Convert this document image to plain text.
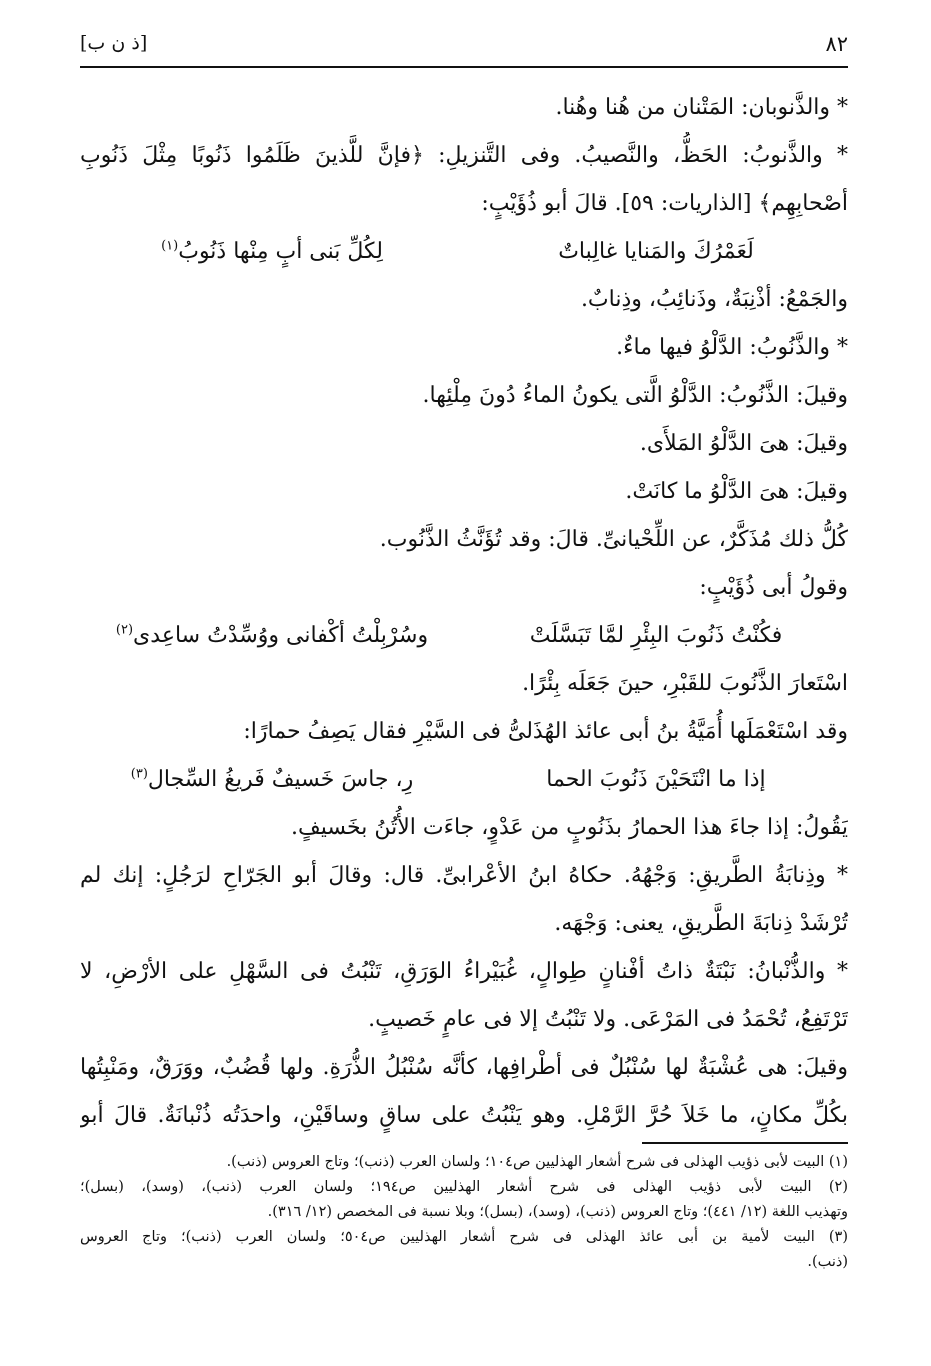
[ذ ن ب]	٨٢
* والذَّنوبان: المَتْنان من هُنا وهُنا.
* والذَّنوبُ: الحَظُّ، والنَّصيبُ. وفى التَّنزيلِ: ﴿فإنَّ للَّذينَ ظَلَمُوا ذَنُوبًا مِثْلَ ذَنُوبِ
أصْحابِهِم﴾ [الذاريات: ٥٩]. قالَ أبو ذُؤَيْبٍ:
لَعَمْرُكَ والمَنايا غالِباتٌ
لِكُلِّ بَنى أبٍ مِنْها ذَنُوبُ$^{(١)}$
والجَمْعُ: أذْنِبَةٌ، وذَنائِبُ، وذِنابٌ.
* والذَّنُوبُ: الدَّلْوُ فيها ماءٌ.
وقيلَ: الذَّنُوبُ: الدَّلْوُ الَّتى يكونُ الماءُ دُونَ مِلْئِها.
وقيلَ: هىَ الدَّلْوُ المَلأَى.
وقيلَ: هىَ الدَّلْوُ ما كانَتْ.
كُلُّ ذلك مُذَكَّرٌ، عن اللِّحْيانىِّ. قالَ: وقد تُؤَنَّثُ الذَّنُوب.
وقولُ أبى ذُؤَيْبٍ:
فكُنْتُ ذَنُوبَ البِئْرِ لمَّا تَبَسَّلَتْ
وسُرْبِلْتُ أكْفانى ووُسِّدْتُ ساعِدى$^{(٢)}$
اسْتَعارَ الذَّنُوبَ للقَبْرِ، حينَ جَعَلَه بِئْرًا.
وقد اسْتَعْمَلَها أُمَيَّةُ بنُ أبى عائذ الهُذَلىُّ فى السَّيْرِ فقال يَصِفُ حمارًا:
إذا ما انْتَحَيْنَ ذَنُوبَ الحما
رِ، جاسَ خَسيفٌ فَريغُ السِّجال$^{(٣)}$
يَقُولُ: إذا جاءَ هذا الحمارُ بذَنُوبٍ من عَدْوٍ، جاءَت الأُتُنُ بخَسيفٍ.
* وذِنابَةُ الطَّريقِ: وَجْهُهُ. حكاهُ ابنُ الأعْرابىِّ. قال: وقالَ أبو الجَرّاحِ لرَجُلٍ: إنك لم
تُرْشَدْ ذِنابَةَ الطَّريقِ، يعنى: وَجْهَه.
* والذُّنْبانُ: نَبْتَةٌ ذاتُ أفْنانٍ طِوالٍ، غُبَيْراءُ الوَرَقِ، تَنْبُتُ فى السَّهْلِ على الأرْضِ، لا
تَرْتَفِعُ، تُحْمَدُ فى المَرْعَى. ولا تَنْبُتُ إلا فى عامٍ خَصيبٍ.
وقيلَ: هى عُشْبَةٌ لها سُنْبُلٌ فى أطْرافِها، كأنَّه سُنْبُلُ الذُّرَةِ. ولها قُضُبٌ، ووَرَقٌ، ومَنْبِتُها
بكُلِّ مكانٍ، ما خَلاَ حُرَّ الرَّمْلِ. وهو يَنْبُتُ على ساقٍ وساقَيْنِ، واحدَتُه ذُنْبانَةٌ. قالَ أبو
(١) البيت لأبى ذؤيب الهذلى فى شرح أشعار الهذليين ص١٠٤؛ ولسان العرب (ذنب)؛ وتاج العروس (ذنب).
(٢) البيت لأبى ذؤيب الهذلى فى شرح أشعار الهذليين ص١٩٤؛ ولسان العرب (ذنب)، (وسد)، (بسل)؛
وتهذيب اللغة (١٢/ ٤٤١)؛ وتاج العروس (ذنب)، (وسد)، (بسل)؛ وبلا نسبة فى المخصص (١٢/ ٣١٦).
(٣) البيت لأمية بن أبى عائذ الهذلى فى شرح أشعار الهذليين ص٥٠٤؛ ولسان العرب (ذنب)؛ وتاج العروس
(ذنب).
